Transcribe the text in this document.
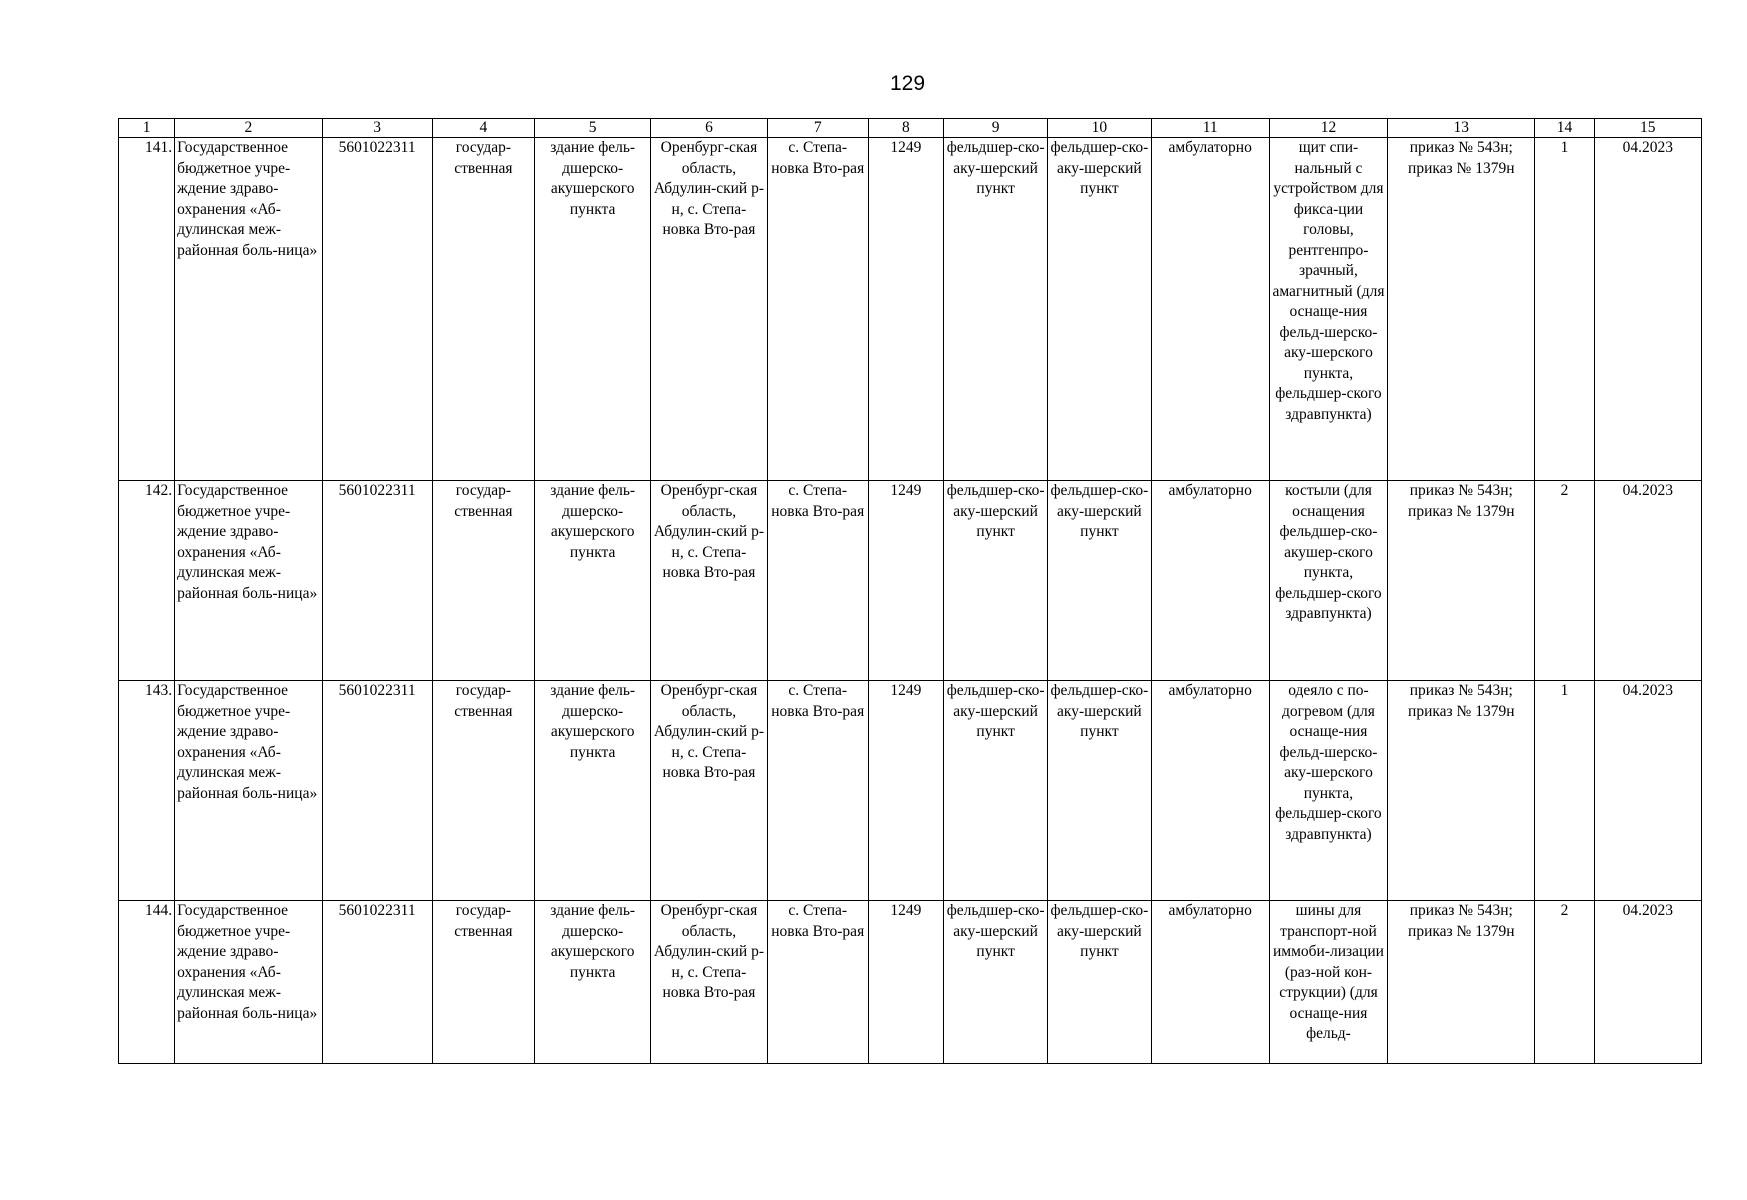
129
1	2	3	4	5	6	7	8	9	10	11	12	13	14	15
141.	Государственное бюджетное учре-ждение здраво-охранения «Аб-дулинская меж-районная боль-ница»	5601022311	государ-ственная	здание фель-дшерско-акушерского пункта	Оренбург-ская область, Абдулин-ский р-н, с. Степа-новка Вто-рая	с. Степа-новка Вто-рая	1249	фельдшер-ско-аку-шерский пункт	фельдшер-ско-аку-шерский пункт	амбулаторно	щит спи-нальный с устройством для фикса-ции головы, рентгенпро-зрачный, амагнитный (для оснаще-ния фельд-шерско-аку-шерского пункта, фельдшер-ского здравпункта)	приказ № 543н; приказ № 1379н	1	04.2023
142.	Государственное бюджетное учре-ждение здраво-охранения «Аб-дулинская меж-районная боль-ница»	5601022311	государ-ственная	здание фель-дшерско-акушерского пункта	Оренбург-ская область, Абдулин-ский р-н, с. Степа-новка Вто-рая	с. Степа-новка Вто-рая	1249	фельдшер-ско-аку-шерский пункт	фельдшер-ско-аку-шерский пункт	амбулаторно	костыли (для оснащения фельдшер-ско-акушер-ского пункта, фельдшер-ского здравпункта)	приказ № 543н; приказ № 1379н	2	04.2023
143.	Государственное бюджетное учре-ждение здраво-охранения «Аб-дулинская меж-районная боль-ница»	5601022311	государ-ственная	здание фель-дшерско-акушерского пункта	Оренбург-ская область, Абдулин-ский р-н, с. Степа-новка Вто-рая	с. Степа-новка Вто-рая	1249	фельдшер-ско-аку-шерский пункт	фельдшер-ско-аку-шерский пункт	амбулаторно	одеяло с по-догревом (для оснаще-ния фельд-шерско-аку-шерского пункта, фельдшер-ского здравпункта)	приказ № 543н; приказ № 1379н	1	04.2023
144.	Государственное бюджетное учре-ждение здраво-охранения «Аб-дулинская меж-районная боль-ница»	5601022311	государ-ственная	здание фель-дшерско-акушерского пункта	Оренбург-ская область, Абдулин-ский р-н, с. Степа-новка Вто-рая	с. Степа-новка Вто-рая	1249	фельдшер-ско-аку-шерский пункт	фельдшер-ско-аку-шерский пункт	амбулаторно	шины для транспорт-ной иммоби-лизации (раз-ной кон-струкции) (для оснаще-ния фельд-	приказ № 543н; приказ № 1379н	2	04.2023
